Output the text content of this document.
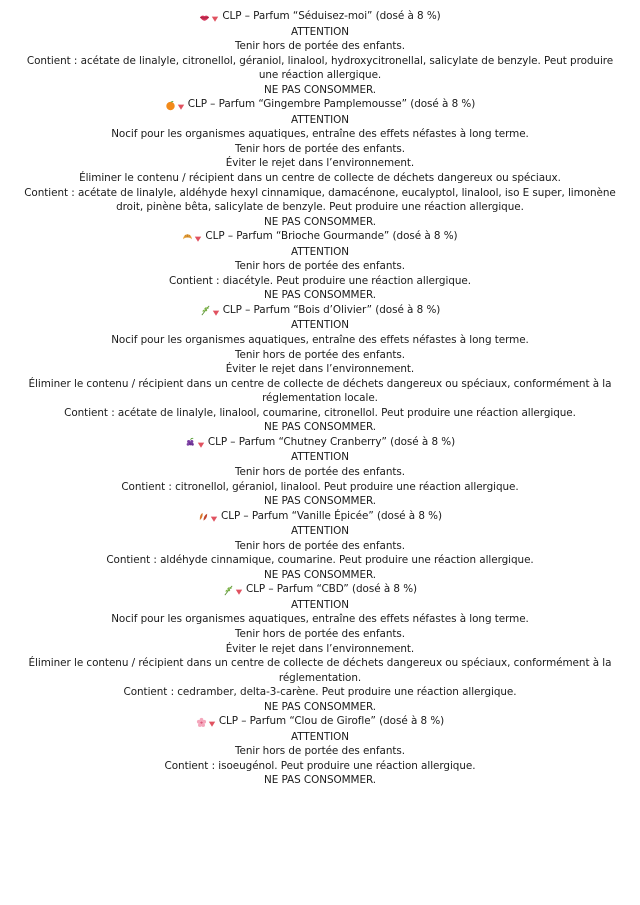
CLP – Parfum “Séduisez-moi” (dosé à 8 %)
ATTENTION
Tenir hors de portée des enfants.
Contient : acétate de linalyle, citronellol, géraniol, linalool, hydroxycitronellal, salicylate de benzyle. Peut produire une réaction allergique.
NE PAS CONSOMMER.
CLP – Parfum “Gingembre Pamplemousse” (dosé à 8 %)
ATTENTION
Nocif pour les organismes aquatiques, entraîne des effets néfastes à long terme.
Tenir hors de portée des enfants.
Éviter le rejet dans l’environnement.
Éliminer le contenu / récipient dans un centre de collecte de déchets dangereux ou spéciaux.
Contient : acétate de linalyle, aldéhyde hexyl cinnamique, damacénone, eucalyptol, linalool, iso E super, limonène droit, pinène bêta, salicylate de benzyle. Peut produire une réaction allergique.
NE PAS CONSOMMER.
CLP – Parfum “Brioche Gourmande” (dosé à 8 %)
ATTENTION
Tenir hors de portée des enfants.
Contient : diacétyle. Peut produire une réaction allergique.
NE PAS CONSOMMER.
CLP – Parfum “Bois d’Olivier” (dosé à 8 %)
ATTENTION
Nocif pour les organismes aquatiques, entraîne des effets néfastes à long terme.
Tenir hors de portée des enfants.
Éviter le rejet dans l’environnement.
Éliminer le contenu / récipient dans un centre de collecte de déchets dangereux ou spéciaux, conformément à la réglementation locale.
Contient : acétate de linalyle, linalool, coumarine, citronellol. Peut produire une réaction allergique.
NE PAS CONSOMMER.
CLP – Parfum “Chutney Cranberry” (dosé à 8 %)
ATTENTION
Tenir hors de portée des enfants.
Contient : citronellol, géraniol, linalool. Peut produire une réaction allergique.
NE PAS CONSOMMER.
CLP – Parfum “Vanille Épicée” (dosé à 8 %)
ATTENTION
Tenir hors de portée des enfants.
Contient : aldéhyde cinnamique, coumarine. Peut produire une réaction allergique.
NE PAS CONSOMMER.
CLP – Parfum “CBD” (dosé à 8 %)
ATTENTION
Nocif pour les organismes aquatiques, entraîne des effets néfastes à long terme.
Tenir hors de portée des enfants.
Éviter le rejet dans l’environnement.
Éliminer le contenu / récipient dans un centre de collecte de déchets dangereux ou spéciaux, conformément à la réglementation.
Contient : cedramber, delta-3-carène. Peut produire une réaction allergique.
NE PAS CONSOMMER.
CLP – Parfum “Clou de Girofle” (dosé à 8 %)
ATTENTION
Tenir hors de portée des enfants.
Contient : isoeugénol. Peut produire une réaction allergique.
NE PAS CONSOMMER.
